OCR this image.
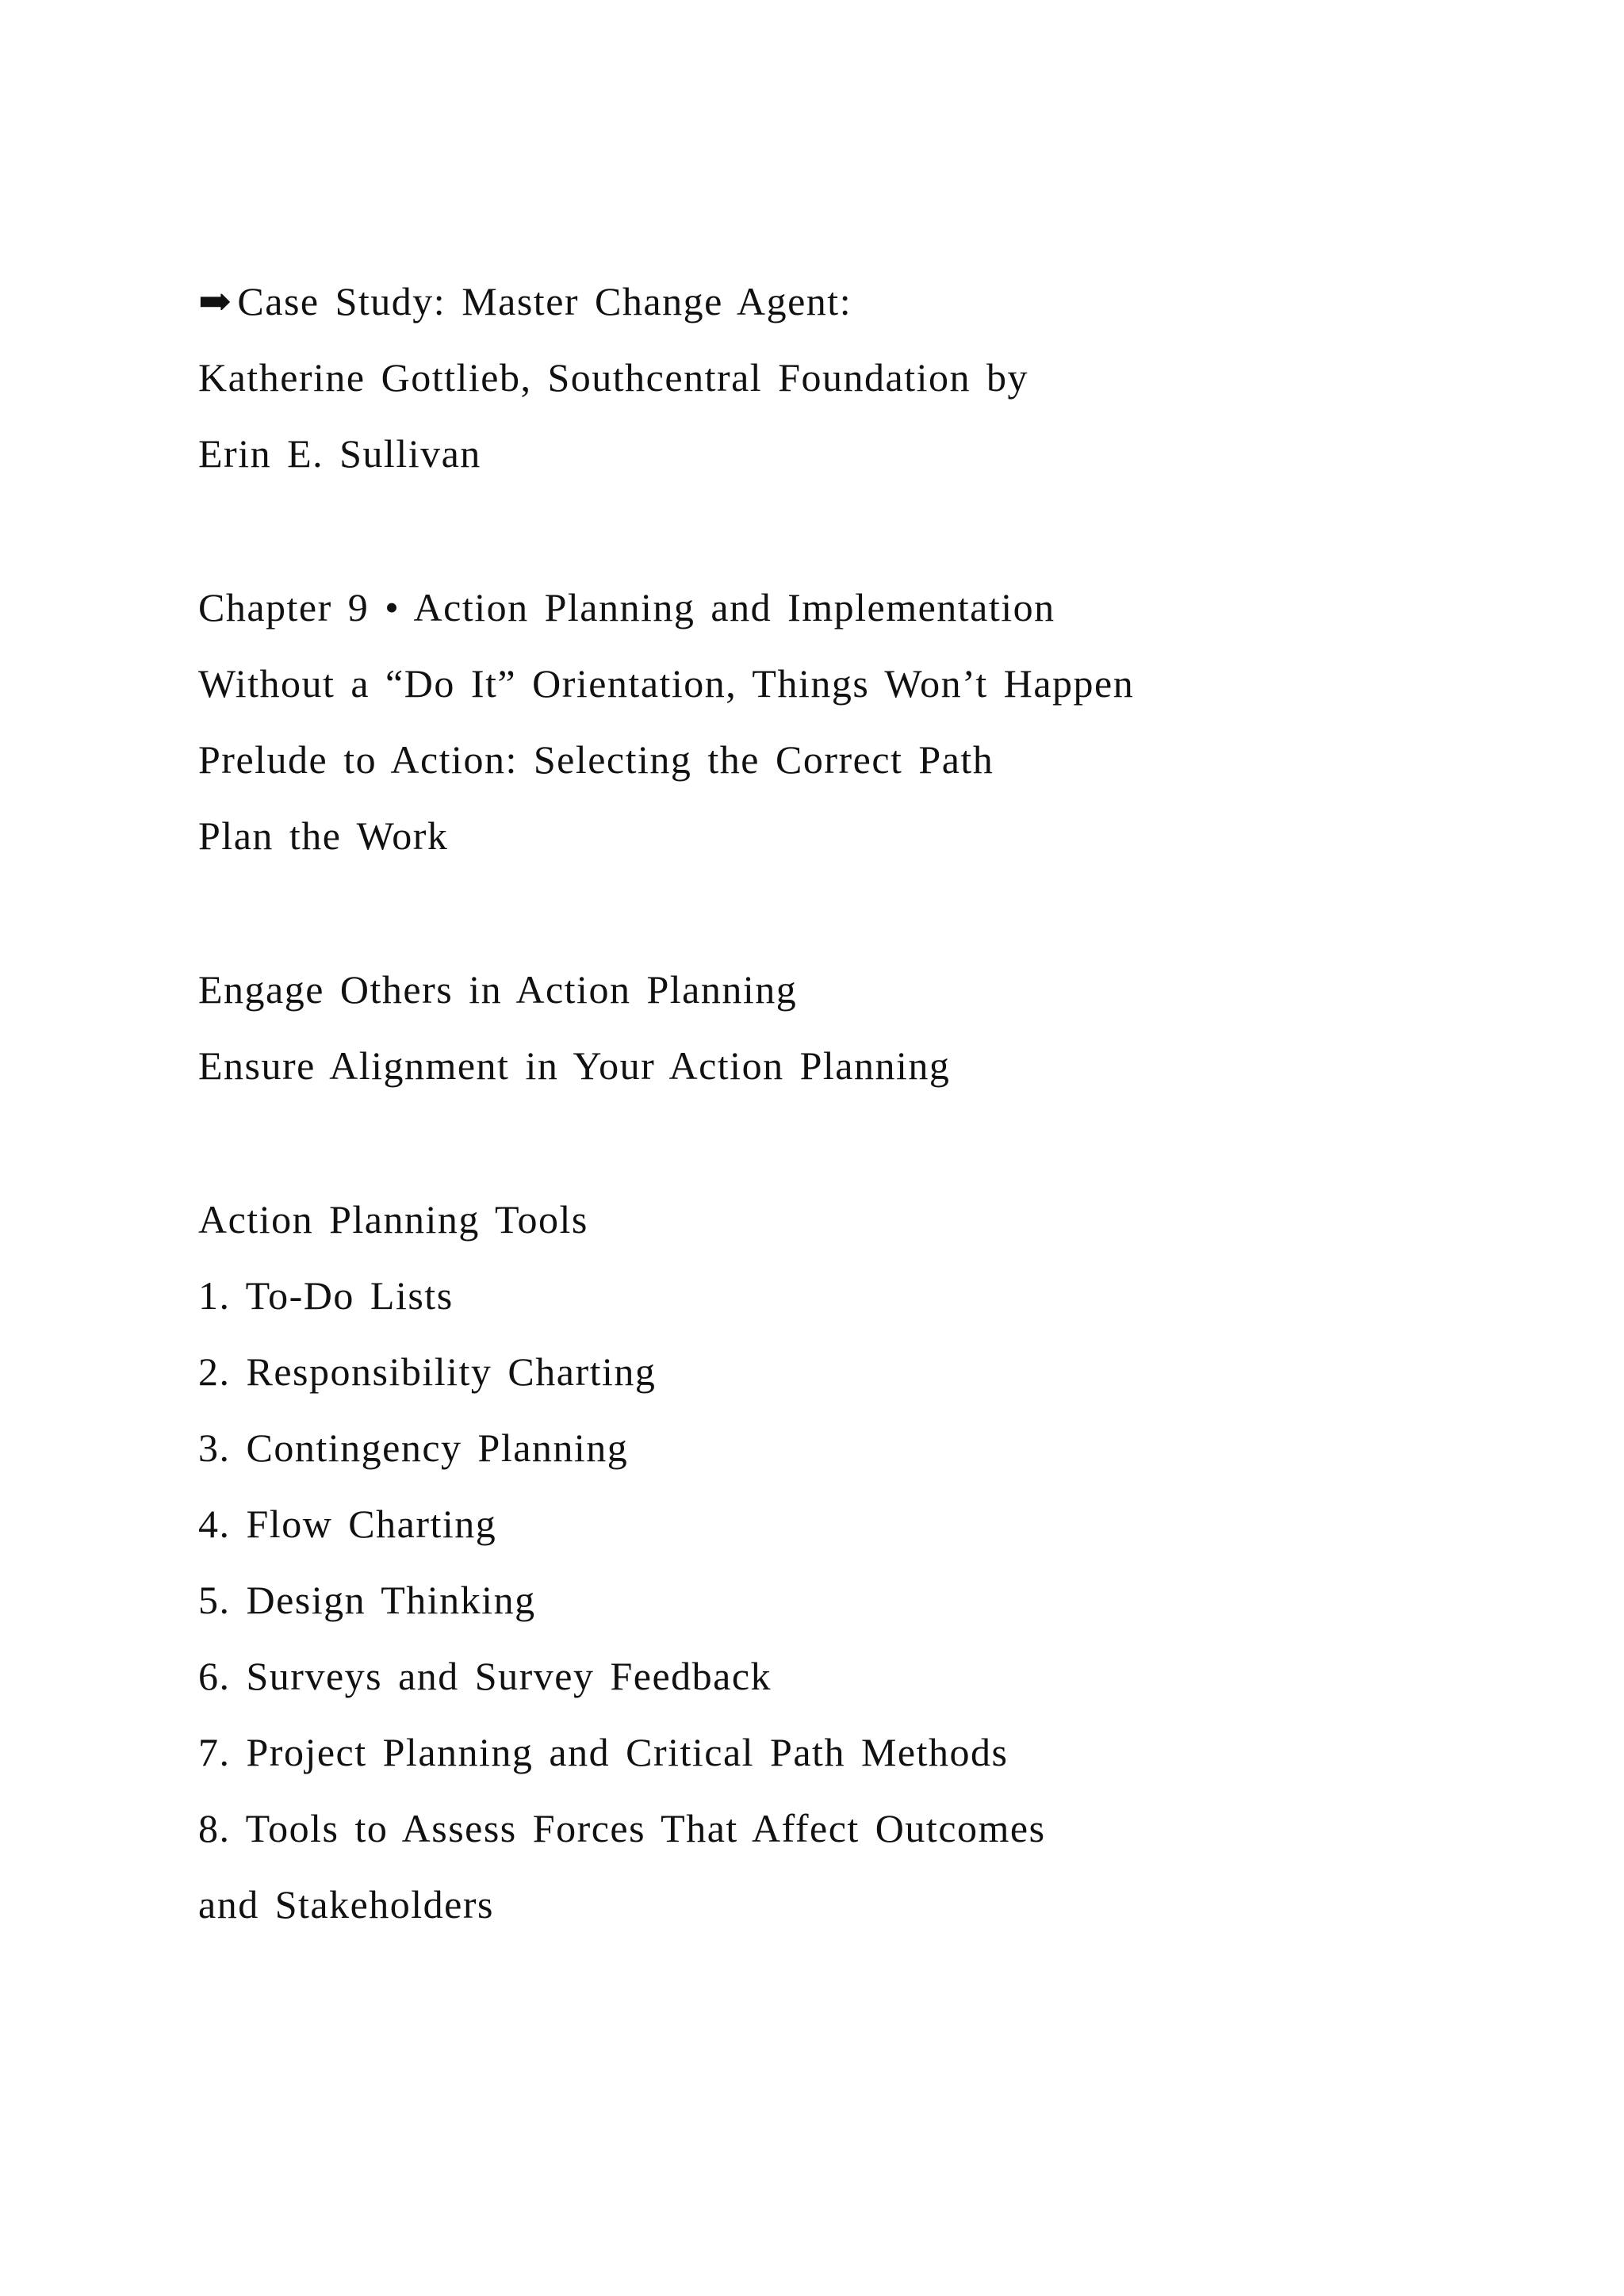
➡ Case Study: Master Change Agent:
Katherine Gottlieb, Southcentral Foundation by
Erin E. Sullivan
Chapter 9 • Action Planning and Implementation
Without a “Do It” Orientation, Things Won’t Happen
Prelude to Action: Selecting the Correct Path
Plan the Work
Engage Others in Action Planning
Ensure Alignment in Your Action Planning
Action Planning Tools
1. To-Do Lists
2. Responsibility Charting
3. Contingency Planning
4. Flow Charting
5. Design Thinking
6. Surveys and Survey Feedback
7. Project Planning and Critical Path Methods
8. Tools to Assess Forces That Affect Outcomes
and Stakeholders
